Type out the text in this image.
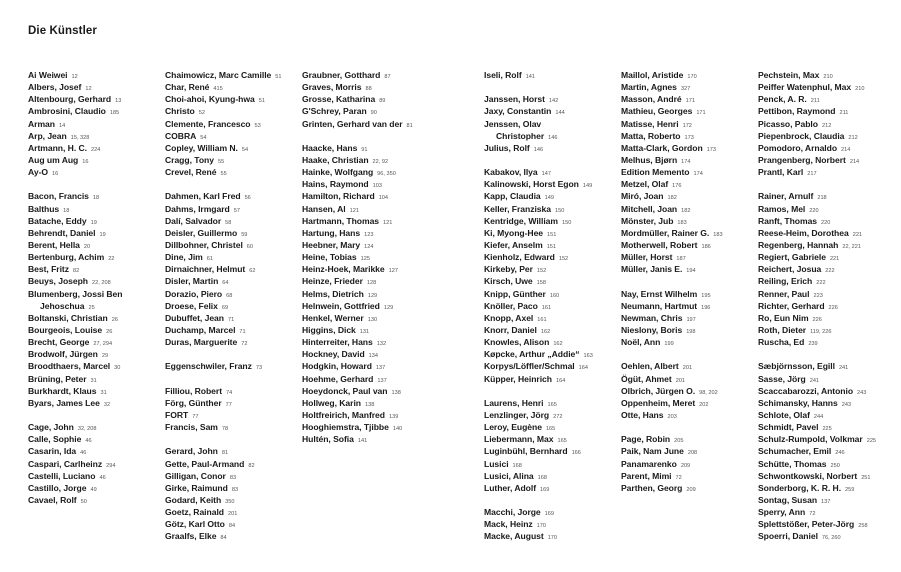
Die Künstler
Ai Weiwei 12
Albers, Josef 12
Altenbourg, Gerhard 13
Ambrosini, Claudio 185
Arman 14
Arp, Jean 15, 328
Artmann, H. C. 224
Aug um Aug 16
Ay-O 16
Bacon, Francis 18
Balthus 18
Batache, Eddy 19
Behrendt, Daniel 19
Berent, Hella 20
Bertenburg, Achim 22
Best, Fritz 82
Beuys, Joseph 22, 208
Blumenberg, Jossi Ben
Jehoschua 25
Boltanski, Christian 26
Bourgeois, Louise 26
Brecht, George 27, 294
Brodwolf, Jürgen 29
Broodthaers, Marcel 30
Brüning, Peter 31
Burkhardt, Klaus 31
Byars, James Lee 32
Cage, John 32, 208
Calle, Sophie 46
Casarin, Ida 46
Caspari, Carlheinz 294
Castelli, Luciano 46
Castillo, Jorge 49
Cavael, Rolf 50
Chaimowicz, Marc Camille 51
Char, René 415
Choi-ahoi, Kyung-hwa 51
Christo 52
Clemente, Francesco 53
COBRA 54
Copley, William N. 54
Cragg, Tony 55
Crevel, René 55
Dahmen, Karl Fred 56
Dahms, Irmgard 57
Dalí, Salvador 58
Deisler, Guillermo 59
Dillbohner, Christel 60
Dine, Jim 61
Dirnaichner, Helmut 62
Disler, Martin 64
Dorazio, Piero 68
Droese, Felix 69
Dubuffet, Jean 71
Duchamp, Marcel 71
Duras, Marguerite 72
Eggenschwiler, Franz 73
Filliou, Robert 74
Förg, Günther 77
FORT 77
Francis, Sam 78
Gerard, John 81
Gette, Paul-Armand 82
Gilligan, Conor 83
Girke, Raimund 83
Godard, Keith 350
Goetz, Rainald 201
Götz, Karl Otto 84
Graalfs, Elke 84
Graubner, Gotthard 87
Graves, Morris 88
Grosse, Katharina 89
G'Schrey, Paran 90
Grinten, Gerhard van der 81
Haacke, Hans 91
Haake, Christian 22, 92
Hainke, Wolfgang 96, 350
Hains, Raymond 103
Hamilton, Richard 104
Hansen, Al 121
Hartmann, Thomas 121
Hartung, Hans 123
Heebner, Mary 124
Heine, Tobias 125
Heinz-Hoek, Marikke 127
Heinze, Frieder 128
Helms, Dietrich 129
Helnwein, Gottfried 129
Henkel, Werner 130
Higgins, Dick 131
Hinterreiter, Hans 132
Hockney, David 134
Hodgkin, Howard 137
Hoehme, Gerhard 137
Hoeydonck, Paul van 138
Hollweg, Karin 138
Holtfreirich, Manfred 139
Hooghiemstra, Tjibbe 140
Hultén, Sofia 141
Iseli, Rolf 141
Janssen, Horst 142
Jaxy, Constantin 144
Jenssen, Olav
Christopher 146
Julius, Rolf 146
Kabakov, Ilya 147
Kalinowski, Horst Egon 149
Kapp, Claudia 149
Keller, Franziska 150
Kentridge, William 150
Ki, Myong-Hee 151
Kiefer, Anselm 151
Kienholz, Edward 152
Kirkeby, Per 152
Kirsch, Uwe 158
Knipp, Günther 160
Knöller, Paco 161
Knopp, Axel 161
Knorr, Daniel 162
Knowles, Alison 162
Køpcke, Arthur „Addie“ 163
Korpys/Löffler/Schmal 164
Küpper, Heinrich 164
Laurens, Henri 165
Lenzlinger, Jörg 272
Leroy, Eugène 165
Liebermann, Max 165
Luginbühl, Bernhard 166
Lusici 168
Lusici, Alina 168
Luther, Adolf 169
Macchi, Jorge 169
Mack, Heinz 170
Macke, August 170
Maillol, Aristide 170
Martin, Agnes 327
Masson, André 171
Mathieu, Georges 171
Matisse, Henri 172
Matta, Roberto 173
Matta-Clark, Gordon 173
Melhus, Bjørn 174
Edition Memento 174
Metzel, Olaf 176
Miró, Joan 182
Mitchell, Joan 182
Mönster, Jub 183
Mordmüller, Rainer G. 183
Motherwell, Robert 186
Müller, Horst 187
Müller, Janis E. 194
Nay, Ernst Wilhelm 195
Neumann, Hartmut 196
Newman, Chris 197
Nieslony, Boris 198
Noël, Ann 199
Oehlen, Albert 201
Ögüt, Ahmet 201
Olbrich, Jürgen O. 98, 202
Oppenheim, Meret 202
Otte, Hans 203
Page, Robin 205
Paik, Nam June 208
Panamarenko 209
Parent, Mimi 72
Parthen, Georg 209
Pechstein, Max 210
Peiffer Watenphul, Max 210
Penck, A. R. 211
Pettibon, Raymond 211
Picasso, Pablo 212
Piepenbrock, Claudia 212
Pomodoro, Arnaldo 214
Prangenberg, Norbert 214
Prantl, Karl 217
Rainer, Arnulf 218
Ramos, Mel 220
Ranft, Thomas 220
Reese-Heim, Dorothea 221
Regenberg, Hannah 22, 221
Regiert, Gabriele 221
Reichert, Josua 222
Reiling, Erich 222
Renner, Paul 223
Richter, Gerhard 226
Ro, Eun Nim 226
Roth, Dieter 119, 226
Ruscha, Ed 239
Sæbjörnsson, Egill 241
Sasse, Jörg 241
Scaccabarozzi, Antonio 243
Schimansky, Hanns 243
Schlote, Olaf 244
Schmidt, Pavel 225
Schulz-Rumpold, Volkmar 225
Schumacher, Emil 246
Schütte, Thomas 250
Schwontkowski, Norbert 251
Sonderborg, K. R. H. 259
Sontag, Susan 137
Sperry, Ann 72
Splettstößer, Peter-Jörg 258
Spoerri, Daniel 76, 260
